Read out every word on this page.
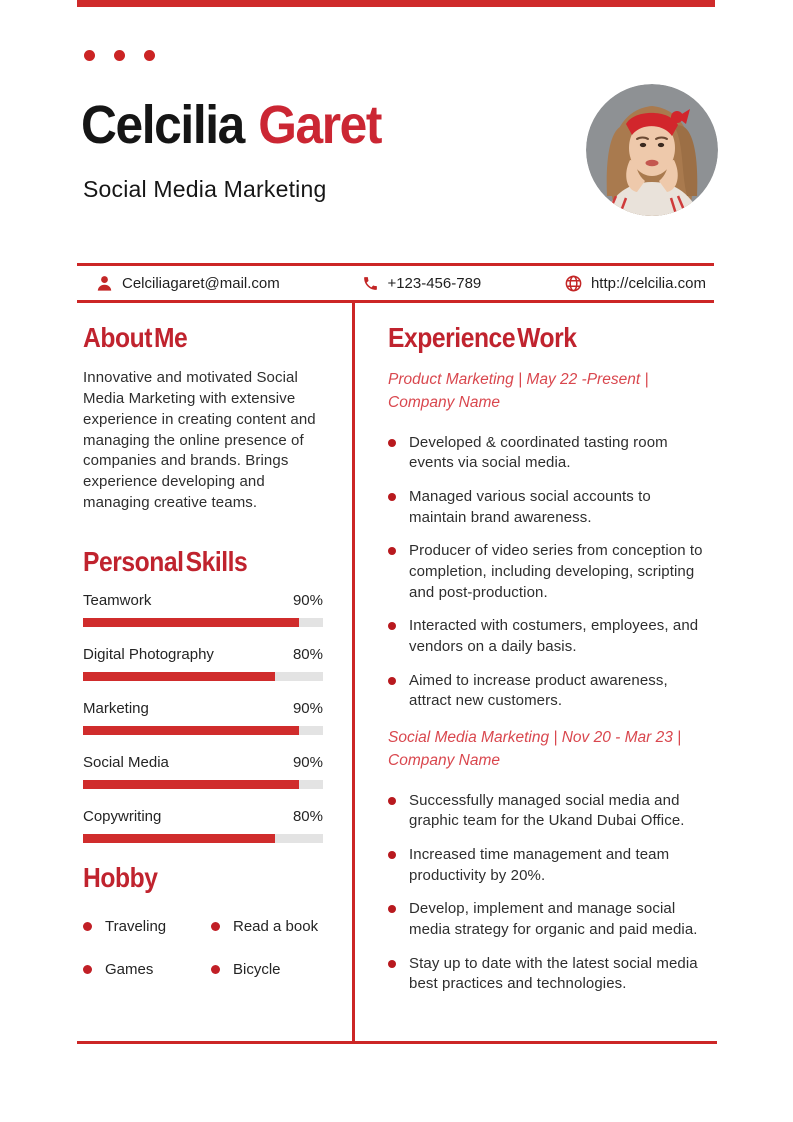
Celcilia Garet
Social Media Marketing
Celciliagaret@mail.com	+123-456-789	http://celcilia.com
About Me

Innovative and motivated Social Media Marketing with extensive experience in creating content and managing the online presence of companies and brands. Brings experience developing and managing creative teams.

Personal Skills
Teamwork	90%
Digital Photography	80%
Marketing	90%
Social Media	90%
Copywriting	80%
Hobby
Traveling	Read a book
Games	Bicycle
Experience Work

Product Marketing | May 22 -Present |
Company Name

Developed & coordinated tasting room events via social media.
Managed various social accounts to maintain brand awareness.
Producer of video series from conception to completion, including developing, scripting and post-production.
Interacted with costumers, employees, and vendors on a daily basis.
Aimed to increase product awareness, attract new customers.

Social Media Marketing | Nov 20 - Mar 23 |
Company Name

Successfully managed social media and graphic team for the Ukand Dubai Office.
Increased time management and team productivity by 20%.
Develop, implement and manage social media strategy for organic and paid media.
Stay up to date with the latest social media best practices and technologies.
